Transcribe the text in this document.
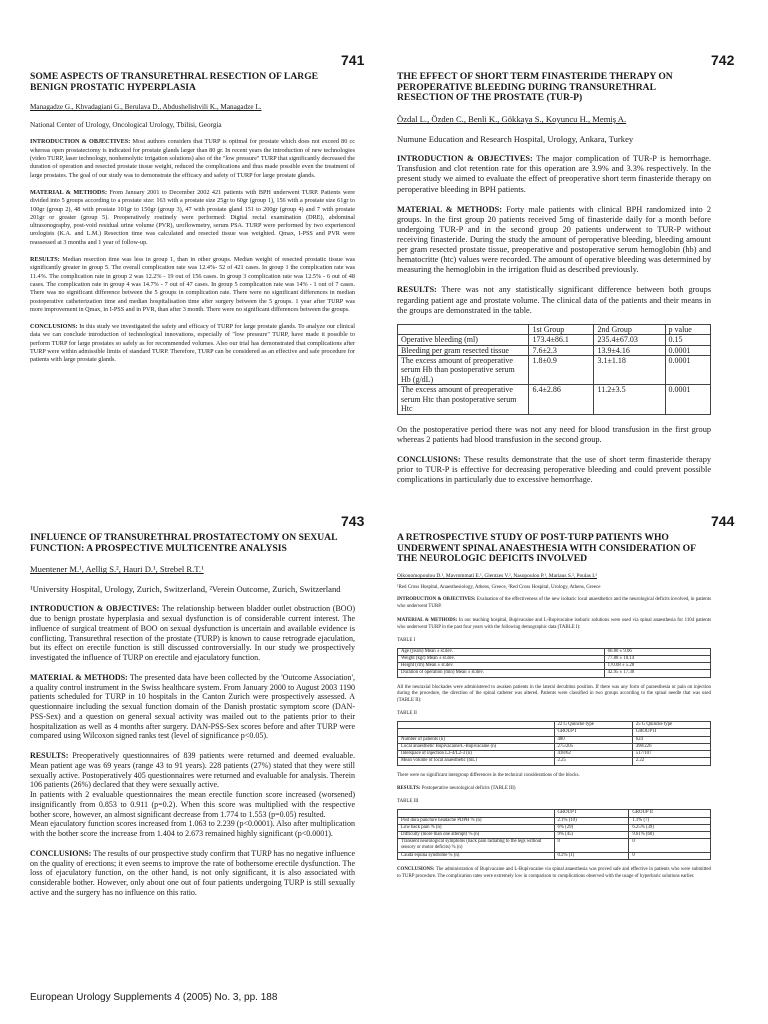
741
SOME ASPECTS OF TRANSURETHRAL RESECTION OF LARGE BENIGN PROSTATIC HYPERPLASIA
Managadze G., Khvadagiani G., Berulava D., Abdushelishvili K., Managadze L.
National Center of Urology, Oncological Urology, Tbilisi, Georgia

INTRODUCTION & OBJECTIVES: Most authors considers that TURP is optimal for prostate which does not exceed 80 cc whereas open prostatectomy is indicated for prostate glands larger than 80 gr. In recent years the introduction of new technologies (video TURP, laser technology, nonhemolytic irrigation solutions) also of the "low pressure" TURP that significantly decreased the duration of operation and resected prostate tissue weight, reduced the complications and thus made possible even the treatment of large prostates. The goal of our study was to demonstrate the efficacy and safety of TURP for large prostate glands.

MATERIAL & METHODS: From January 2001 to December 2002 421 patients with BPH underwent TURP. Patients were divided into 5 groups according to a prostate size: 163 with a prostate size 25gr to 60gr (group 1), 156 with a prostate size 61gr to 100gr (group 2), 48 with prostate 101gr to 150gr (group 3), 47 with prostate gland 151 to 200gr (group 4) and 7 with prostate 201gr or greater (group 5). Preoperatively routinely were performed: Digital rectal examination (DRE), abdominal ultrasonography, post-void residual urine volume (PVR), uroflowmetry, serum PSA. TURP were performed by two experienced urologists (K.A. and L.M.) Resection time was calculated and resected tissue was weighted. Qmax, I-PSS and PVR were reassessed at 3 months and 1 year of follow-up.

RESULTS: Median resection time was less in group 1, than in other groups. Median weight of resected prostatic tissue was significantly greater in group 5. The overall complication rate was 12.4%- 52 of 421 cases. In group 1 the complication rate was 11.4%. The complication rate in group 2 was 12.2% - 19 out of 156 cases. In group 3 complication rate was 12.5% - 6 out of 48 cases. The complication rate in group 4 was 14.7% - 7 out of 47 cases. In group 5 complication rate was 14% - 1 out of 7 cases. There was no significant difference between the 5 groups in complication rate. There were no significant differences in median postoperative catheterization time and median hospitalisation time after surgery between the 5 groups. 1 year after TURP was more improvement in Qmax, in I-PSS and in PVR, than after 3 month. There were no significant differences between the groups.

CONCLUSIONS: In this study we investigated the safety and efficacy of TURP for large prostate glands. To analyze our clinical data we can conclude introduction of technological innovations, especially of "low pressure" TURP, have made it possible to perform TURP for large prostates so safely as for recommended volumes. Also our trial has demonstrated that complications after TURP were within admissible limits of standard TURP. Therefore, TURP can be considered as an effective and safe procedure for patients with large prostate glands.

742
THE EFFECT OF SHORT TERM FINASTERIDE THERAPY ON PEROPERATIVE BLEEDING DURING TRANSURETHRAL RESECTION OF THE PROSTATE (TUR-P)
Özdal L., Özden C., Benli K., Gökkaya S., Koyuncu H., Memiş A.
Numune Education and Research Hospital, Urology, Ankara, Turkey

INTRODUCTION & OBJECTIVES: The major complication of TUR-P is hemorrhage. Transfusion and clot retention rate for this operation are 3.9% and 3.3% respectively. In the present study we aimed to evaluate the effect of preoperative short term finasteride therapy on peroperative bleeding in BPH patients.

MATERIAL & METHODS: Forty male patients with clinical BPH randomized into 2 groups. In the first group 20 patients received 5mg of finasteride daily for a month before undergoing TUR-P and in the second group 20 patients underwent to TUR-P without receiving finasteride. During the study the amount of peroperative bleeding, bleeding amount per gram resected prostate tissue, preoperative and postoperative serum hemoglobin (hb) and hematocritte (htc) values were recorded. The amount of operative bleeding was determined by measuring the hemoglobin in the irrigation fluid as described previously.

RESULTS: There was not any statistically significant difference between both groups regarding patient age and prostate volume. The clinical data of the patients and their means in the groups are demonstrated in the table.

	1st Group	2nd Group	p value
Operative bleeding (ml)	173.4±86.1	235.4±67.03	0.15
Bleeding per gram resected tissue	7.6±2.3	13.9±4.16	0.0001
The excess amount of preoperative serum Hb than postoperative serum Hb (g/dL)	1.8±0.9	3.1±1.18	0.0001
The excess amount of preoperative serum Htc than postoperative serum Htc	6.4±2.86	11.2±3.5	0.0001

On the postoperative period there was not any need for blood transfusion in the first group whereas 2 patients had blood transfusion in the second group.

CONCLUSIONS: These results demonstrate that the use of short term finasteride therapy prior to TUR-P is effective for decreasing peroperative bleeding and could prevent possible complications in particularly due to excessive hemorrhage.

743
INFLUENCE OF TRANSURETHRAL PROSTATECTOMY ON SEXUAL FUNCTION: A PROSPECTIVE MULTICENTRE ANALYSIS
Muentener M.¹, Aellig S.², Hauri D.¹, Strebel R.T.¹
¹University Hospital, Urology, Zurich, Switzerland, ²Verein Outcome, Zurich, Switzerland

INTRODUCTION & OBJECTIVES: The relationship between bladder outlet obstruction (BOO) due to benign prostate hyperplasia and sexual dysfunction is of considerable current interest. The influence of surgical treatment of BOO on sexual dysfunction is uncertain and available evidence is conflicting. Transurethral resection of the prostate (TURP) is known to cause retrograde ejaculation, but its effect on erectile function is still discussed controversially. In our study we prospectively investigated the influence of TURP on erectile and ejaculatory function.

MATERIAL & METHODS: The presented data have been collected by the 'Outcome Association', a quality control instrument in the Swiss healthcare system. From January 2000 to August 2003 1190 patients scheduled for TURP in 10 hospitals in the Canton Zurich were prospectively assessed. A questionnaire including the sexual function domain of the Danish prostatic symptom score (DAN-PSS-Sex) and a question on general sexual activity was mailed out to the patients prior to their hospitalization as well as 4 months after surgery. DAN-PSS-Sex scores before and after TURP were compared using Wilcoxon signed ranks test (level of significance p<0.05).

RESULTS: Preoperatively questionnaires of 839 patients were returned and deemed evaluable. Mean patient age was 69 years (range 43 to 91 years). 228 patients (27%) stated that they were still sexually active. Postoperatively 405 questionnaires were returned and evaluable for analysis. Therein 106 patients (26%) declared that they were sexually active.

In patients with 2 evaluable questionnaires the mean erectile function score increased (worsened) insignificantly from 0.853 to 0.911 (p=0.2). When this score was multiplied with the respective bother score, however, an almost significant decrease from 1.774 to 1.553 (p=0.05) resulted.

Mean ejaculatory function scores increased from 1.063 to 2.239 (p<0.0001). Also after multiplication with the bother score the increase from 1.404 to 2.673 remained highly significant (p<0.0001).

CONCLUSIONS: The results of our prospective study confirm that TURP has no negative influence on the quality of erections; it even seems to improve the rate of bothersome erectile dysfunction. The loss of ejaculatory function, on the other hand, is not only significant, it is also associated with considerable bother. However, only about one out of four patients undergoing TURP is still sexually active and the surgery has no influence on this ratio.

744
A RETROSPECTIVE STUDY OF POST-TURP PATIENTS WHO UNDERWENT SPINAL ANAESTHESIA WITH CONSIDERATION OF THE NEUROLOGIC DEFICITS INVOLVED
Oikonomopoulou D.¹, Mavrommati E.¹, Glentzes V.², Nasopoulou P.¹, Mariaus S.², Poulas I.²
¹Red Cross Hospital, Anaesthesiology, Athens, Greece, ²Red Cross Hospital, Urology, Athens, Greece

INTRODUCTION & OBJECTIVES: Evaluation of the effectiveness of the new isobaric local anaesthetics and the neurological deficits involved, in patients who underwent TURP.

MATERIAL & METHODS: In our teaching hospital, Bupivacaine and L-Bupivacaine isobaric solutions were used via spinal anaesthesia for 1104 patients who underwent TURP in the past four years with the following demographic data (TABLE I):

TABLE I
Age (years) Mean ± st.dev.	66.80 ± 9.06
Weight (kgr) Mean ± st.dev.	77.88 ± 10.14
Height (cm) Mean ± st.dev.	170.08 ± 5.28
Duration of operation (min) Mean ± st.dev.	42.95 ± 17.30

All the neuraxial blockades were administered to awaken patients in the lateral decubitus position. If there was any form of paraesthesia or pain on injection during the procedure, the direction of the spinal catheter was altered. Patients were classified in two groups according to the spinal needle that was used (TABLE II):

TABLE II
	22 G Quincke type	25 G Quincke type
	GROUP I	GROUP II
Number of patients (n)	480	624
Local anaesthetic Bupivacaine/L-Bupivacaine (n)	275/205	398/226
Interspace of injection L3-4/L2-3 (n)	418/62	517/107
Mean volume of local anaesthetic (mL)	2.25	2.22

There were no significant intergroup differences in the technical considerations of the blocks.

RESULTS: Postoperative neurological deficits (TABLE III)

TABLE III
	GROUP I	GROUP II
Post dura puncture headache PDPH % (n)	2.1% (10)	1.1% (7)
Low back pain % (n)	6% (29)	6.25% (39)
Difficulty (more than one attempt) % (n)	9% (45)	9.61% (60)
Transient neurological symptoms (back pain radiating to the legs without sensory or motor deficits) % (n)	0	0
Cauda equina syndrome % (n)	0.2% (1)	0

CONCLUSIONS: The administration of Bupivacaine and L-Bupivacaine via spinal anaesthesia was proved safe and effective in patients who were submitted to TURP procedure. The complication rates were extremely low in comparison to complications observed with the usage of hyperbaric solutions earlier.

European Urology Supplements 4 (2005) No. 3, pp. 188
